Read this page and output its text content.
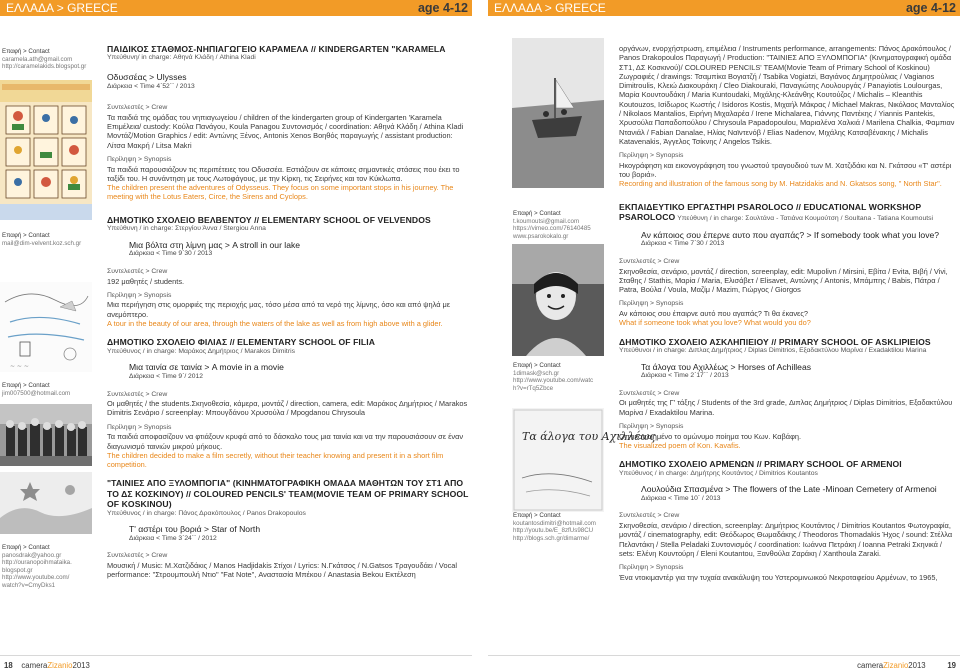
ΕΛΛΑΔΑ > GREECE	age 4-12 ΕΛΛΑΔΑ > GREECE	age 4-12
Επαφή > Contact
caramela.ath@gmail.com
http://caramelakids.blogspot.gr
Επαφή > Contact
mail@dim-velvent.koz.sch.gr
Επαφή > Contact
jim007500@hotmail.com
Επαφή > Contact
panosdrak@yahoo.gr
http://ouranopoihmataika.
blogspot.gr
http://www.youtube.com/
watch?v=CmyDks1
~ ~ ~

ΠΑΙΔΙΚΟΣ ΣΤΑΘΜΟΣ-ΝΗΠΙΑΓΩΓΕΙΟ ΚΑΡΑΜΕΛΑ // KINDERGARTEN "KARAMELA

Υπεύθυνη/ in charge: Αθηνά Κλάδη / Athina Kladi

Οδυσσέας > Ulysses

Διάρκεια < Time 4΄52΄΄ / 2013

Συντελεστές > Crew

Τα παιδιά της ομάδας του νηπιαγωγείου / children of the kindergarten group of Kindergarten 'Karamela Επιμέλεια/ custody: Κούλα Πανάγου, Koula Panagou Συντονισμός / coordination: Αθηνά Κλάδη / Athina Kladi Μοντάζ/Motion Graphics / edit: Αντώνης Ξένος, Antonis Xenos Βοηθός παραγωγής / assistant production: Λίτσα Μακρή / Litsa Makri

Περίληψη > Synopsis

Τα παιδιά παρουσιάζουν τις περιπέτειες του Οδυσσέα. Εστιάζουν σε κάποιες σημαντικές στάσεις που έκει το ταξίδι του. Η συνάντηση με τους Λωτοφάγους, με την Κίρκη, τις Σειρήνες και τον Κύκλωπα.

The children present the adventures of Odysseus. They focus on some important stops in his journey. The meeting with the Lotus Eaters, Circe, the Sirens and Cyclops.

ΔΗΜΟΤΙΚΟ ΣΧΟΛΕΙΟ ΒΕΛΒΕΝΤΟΥ // ELEMENTARY SCHOOL OF VELVENDOS

Υπεύθυνη / in charge: Στεργίου Άννα / Stergiou Anna

Μια βόλτα στη λίμνη μας > A stroll in our lake

Διάρκεια < Time 9΄30 / 2013

Συντελεστές > Crew

192 μαθητές / students.

Περίληψη > Synopsis

Μια περιήγηση στις ομορφιές της περιοχής μας, τόσο μέσα από τα νερό της λίμνης, όσο και από ψηλά με ανεμόπτερο.

A tour in the beauty of our area, through the waters of the lake as well as from high above with a glider.

ΔΗΜΟΤΙΚΟ ΣΧΟΛΕΙΟ ΦΙΛΙΑΣ // ELEMENTARY SCHOOL OF FILIA

Υπεύθυνος / in charge: Μαράκος Δημήτριος / Marakos Dimitris

Μια ταινία σε ταινία > A movie in a movie

Διάρκεια < Time 9΄/ 2012

Συντελεστές > Crew

Οι μαθητές / the students.Σκηνοθεσία, κάμερα, μοντάζ / direction, camera, edit: Μαράκος Δημήτριος / Marakos Dimitris Σενάριο / screenplay: Μπουγδάνου Χρυσούλα / Mpogdanou Chrysoula

Περίληψη > Synopsis

Τα παιδιά αποφασίζουν να φτιάξουν κρυφά από το δάσκαλο τους μια ταινία και να την παρουσιάσουν σε έναν διαγωνισμό ταινιών μικρού μήκους.

The children decided to make a film secretly, without their teacher knowing and present it in a short film competition.

"ΤΑΙΝΙΕΣ ΑΠΟ ΞΥΛΟΜΠΟΓΙΑ" (ΚΙΝΗΜΑΤΟΓΡΑΦΙΚΗ ΟΜΑΔΑ ΜΑΘΗΤΩΝ ΤΟΥ ΣΤ1 ΑΠΟ ΤΟ ΔΣ ΚΟΣΚΙΝΟΥ) // COLOURED PENCILS' TEAM(MOVIE TEAM OF PRIMARY SCHOOL OF KOSKINOU)

Υπεύθυνος / in charge: Πάνος Δρακόπουλος / Panos Drakopoulos

Τ' αστέρι του βοριά > Star of North

Διάρκεια < Time 3΄24΄΄ / 2012

Συντελεστές > Crew

Μουσική / Music: Μ.Χατζιδάκις / Manos Hadjidakis Στίχοι / Lyrics: Ν.Γκάτσος / N.Gatsos Τραγουδάει / Vocal performance: "Στρουμπουλή Ντιο" "Fat Note", Αναστασία Μπέκου / Anastasia Bekou Εκτέλεση

Επαφή > Contact
t.koumoutsi@gmail.com
https://vimeo.com/76140485
www.psarokokalo.gr
Επαφή > Contact
1dimask@sch.gr
http://www.youtube.com/watc
h?v=rTq5Zbce
Τα άλογα του Αχιλλέως
Επαφή > Contact
koutantosdimitri@hotmail.com
http://youtu.be/E_8zfUs98CU
http://blogs.sch.gr/dimarme/

οργάνων, ενορχήστρωση, επιμέλεια / Instruments performance, arrangements: Πάνος Δρακόπουλος / Panos Drakopoulos Παραγωγή / Production: "ΤΑΙΝΙΕΣ ΑΠΟ ΞΥΛΟΜΠΟΓΙΑ" (Κινηματογραφική ομάδα ΣΤ1, ΔΣ Κοσκινού)/ COLOURED PENCILS' TEAM(Movie Team of Primary School of Koskinou) Ζωγραφιές / drawings: Τσαμπίκα Βογιατζή / Tsabika Vogiatzi, Βαγιάνος Δημητρούλιας / Vagianos Dimitroulis, Κλειώ Διακουράκη / Cleo Diakouraki, Παναγιώτης Λουλουργάς / Panayiotis Loulourgas, Μαρία Κουντουδάκη / Maria Kuntoudaki, Μιχάλης-Κλεάνθης Κουτούζος / Michalis – Kleanthis Koutouzos, Ισίδωρος Κωστής / Isidoros Kostis, Μιχαήλ Μάκρας / Michael Makras, Νικόλαος Μανταλίος / Nikolaos Mantalios, Ειρήνη Μιχαλαρέα / Irene Michalarea, Γιάννης Παντέκης / Yiannis Pantekis, Χρυσούλα Παπαδοπούλου / Chrysoula Papadopoulou, Μαριαλένα Χαλκιά / Marilena Chalkia, Φαμπιαν Ντανιάλ / Fabian Danalae, Ηλίας Ναϊντενόβ / Elias Nadenov, Μιχάλης Κατσαβένακης / Michalis Katavenakis, Άγγελος Τσίκνης / Angelos Tsikis.

Περίληψη > Synopsis

Ηκογράφηση και εικονογράφηση του γνωστού τραγουδιού των Μ. Χατζιδάκι και Ν. Γκάτσου «Τ' αστέρι του βοριά».

Recording and illustration of the famous song by M. Hatzidakis and N. Gkatsos song, " North Star".

ΕΚΠΑΙΔΕΥΤΙΚΟ ΕΡΓΑΣΤΗΡΙ PSAROLOCO // EDUCATIONAL WORKSHOP

PSAROLOCO Υπεύθυνη / in charge: Σουλτάνα - Τατιάνα Κουμούτση / Soultana - Tatiana Koumoutsi

Αν κάποιος σου έπερνε αυτο που αγαπάς? > If somebody took what you love?

Διάρκεια < Time 7΄30 / 2013

Συντελεστές > Crew

Σκηνοθεσία, σενάριο, μοντάζ / direction, screenplay, edit: Mupolivn / Mirsini, Εβίτα / Evita, Βιβή / Vivi, Σταθης / Stathis, Μαρία / Maria, Ελισάβετ / Elisavet, Αντώνης / Antonis, Μπάμπης / Babis, Πάτρα / Patra, Βούλα / Voula, Μαζίμ / Mazim, Γιώργος / Giorgos

Περίληψη > Synopsis

Αν κάποιος σου έπαιρνε αυτό που αγαπάς? Τι θα έκανες?

What if someone took what you love? What would you do?

ΔΗΜΟΤΙΚΟ ΣΧΟΛΕΙΟ ΑΣΚΛΗΠΙΕΙΟΥ // PRIMARY SCHOOL OF ASKLIPIEIOS

Υπεύθυνοι / in charge: Διπλας Δημήτριος / Diplas Dimitrios, Εξαδακτύλου Μαρίνα / Exadaktilou Marina

Τα άλογα του Αχιλλέως > Horses of Achilleas

Διάρκεια < Time 2΄17΄΄ / 2013

Συντελεστές > Crew

Οι μαθητές της Γ' τάξης / Students of the 3rd grade, Διπλας Δημήτριος / Diplas Dimitrios, Εξαδακτύλου Μαρίνα / Exadaktilou Marina.

Περίληψη > Synopsis

Οπτικοποιημένο το ομώνυμο ποίημα του Κων. Καβάφη.

The visualized poem of Kon. Kavafis.

ΔΗΜΟΤΙΚΟ ΣΧΟΛΕΙΟ ΑΡΜΕΝΩΝ // PRIMARY SCHOOL OF ARMENOI

Υπεύθυνος / in charge: Δημήτρης Κουτάντος / Dimitrios Koutantos

Λουλούδια Σπασμένα > The flowers of the Late -Minoan Cemetery of Armenoi

Διάρκεια < Time 10΄ / 2013

Συντελεστές > Crew

Σκηνοθεσία, σενάριο / direction, screenplay: Δημήτριος Κουτάντος / Dimitrios Koutantos Φωτογραφία, μοντάζ / cinematography, edit: Θεόδωρος Θωμαδάκης / Theodoros Thomadakis Ήχος / sound: Στέλλα Πελαντάκη / Stella Peladaki Συντονισμός / coordination: Ιωάννα Πετράκη / Ioanna Petraki Σκηνικά / sets: Ελένη Κουντούρη / Eleni Koutantou, Ξανθούλα Ζαράκη / Xanthoula Zaraki.

Περίληψη > Synopsis

Ένα ντοκιμαντέρ για την τυχαία ανακάλυψη του Υστερομινωικού Νεκροταφείου Αρμένων, το 1965,

18 cameraZizanio2013	cameraZizanio2013	19
